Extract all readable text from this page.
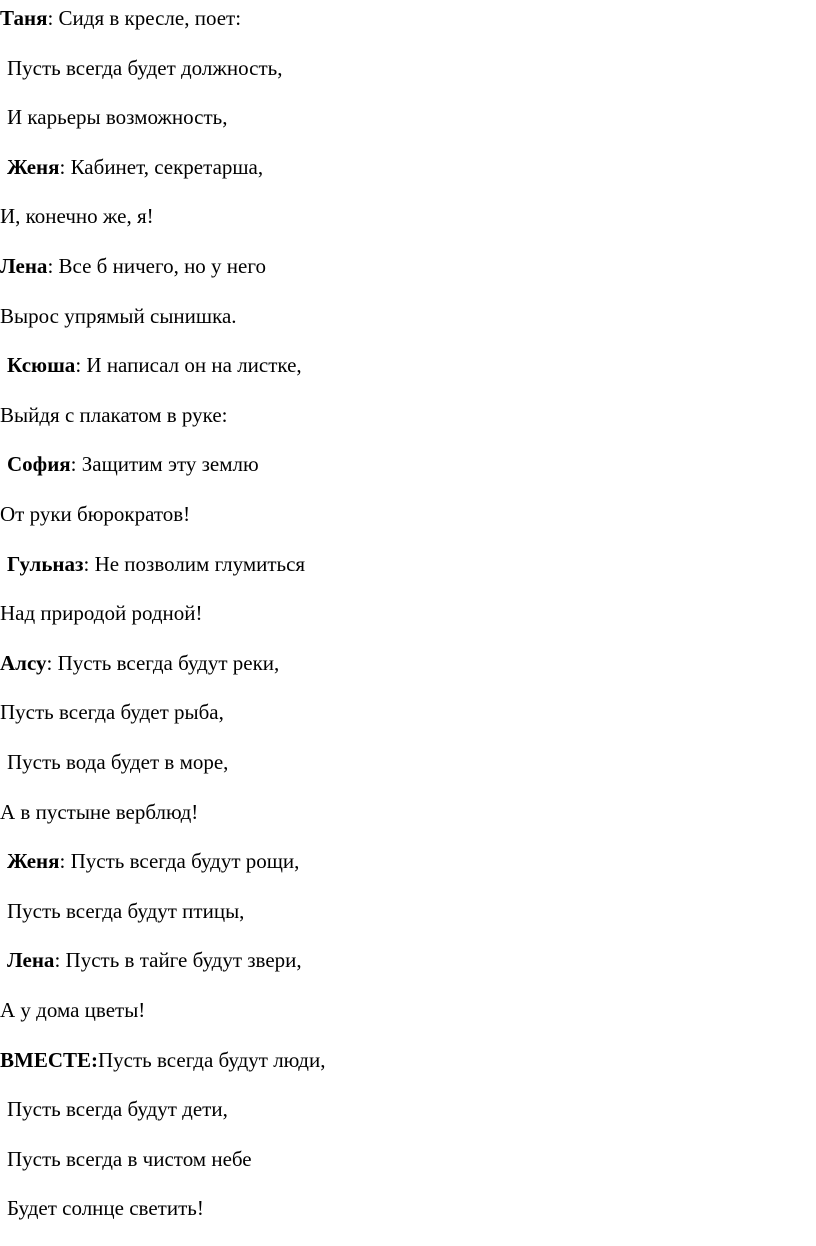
Таня: Сидя в кресле, поет:
Пусть всегда будет должность,
И карьеры возможность,
Женя: Кабинет, секретарша,
И, конечно же, я!
Лена: Все б ничего, но у него
Вырос упрямый сынишка.
Ксюша: И написал он на листке,
Выйдя с плакатом в руке:
София: Защитим эту землю
От руки бюрократов!
Гульназ: Не позволим глумиться
Над природой родной!
Алсу: Пусть всегда будут реки,
Пусть всегда будет рыба,
Пусть вода будет в море,
А в пустыне верблюд!
Женя: Пусть всегда будут рощи,
Пусть всегда будут птицы,
Лена: Пусть в тайге будут звери,
А у дома цветы!
ВМЕСТЕ:Пусть всегда будут люди,
Пусть всегда будут дети,
Пусть всегда в чистом небе
Будет солнце светить!
